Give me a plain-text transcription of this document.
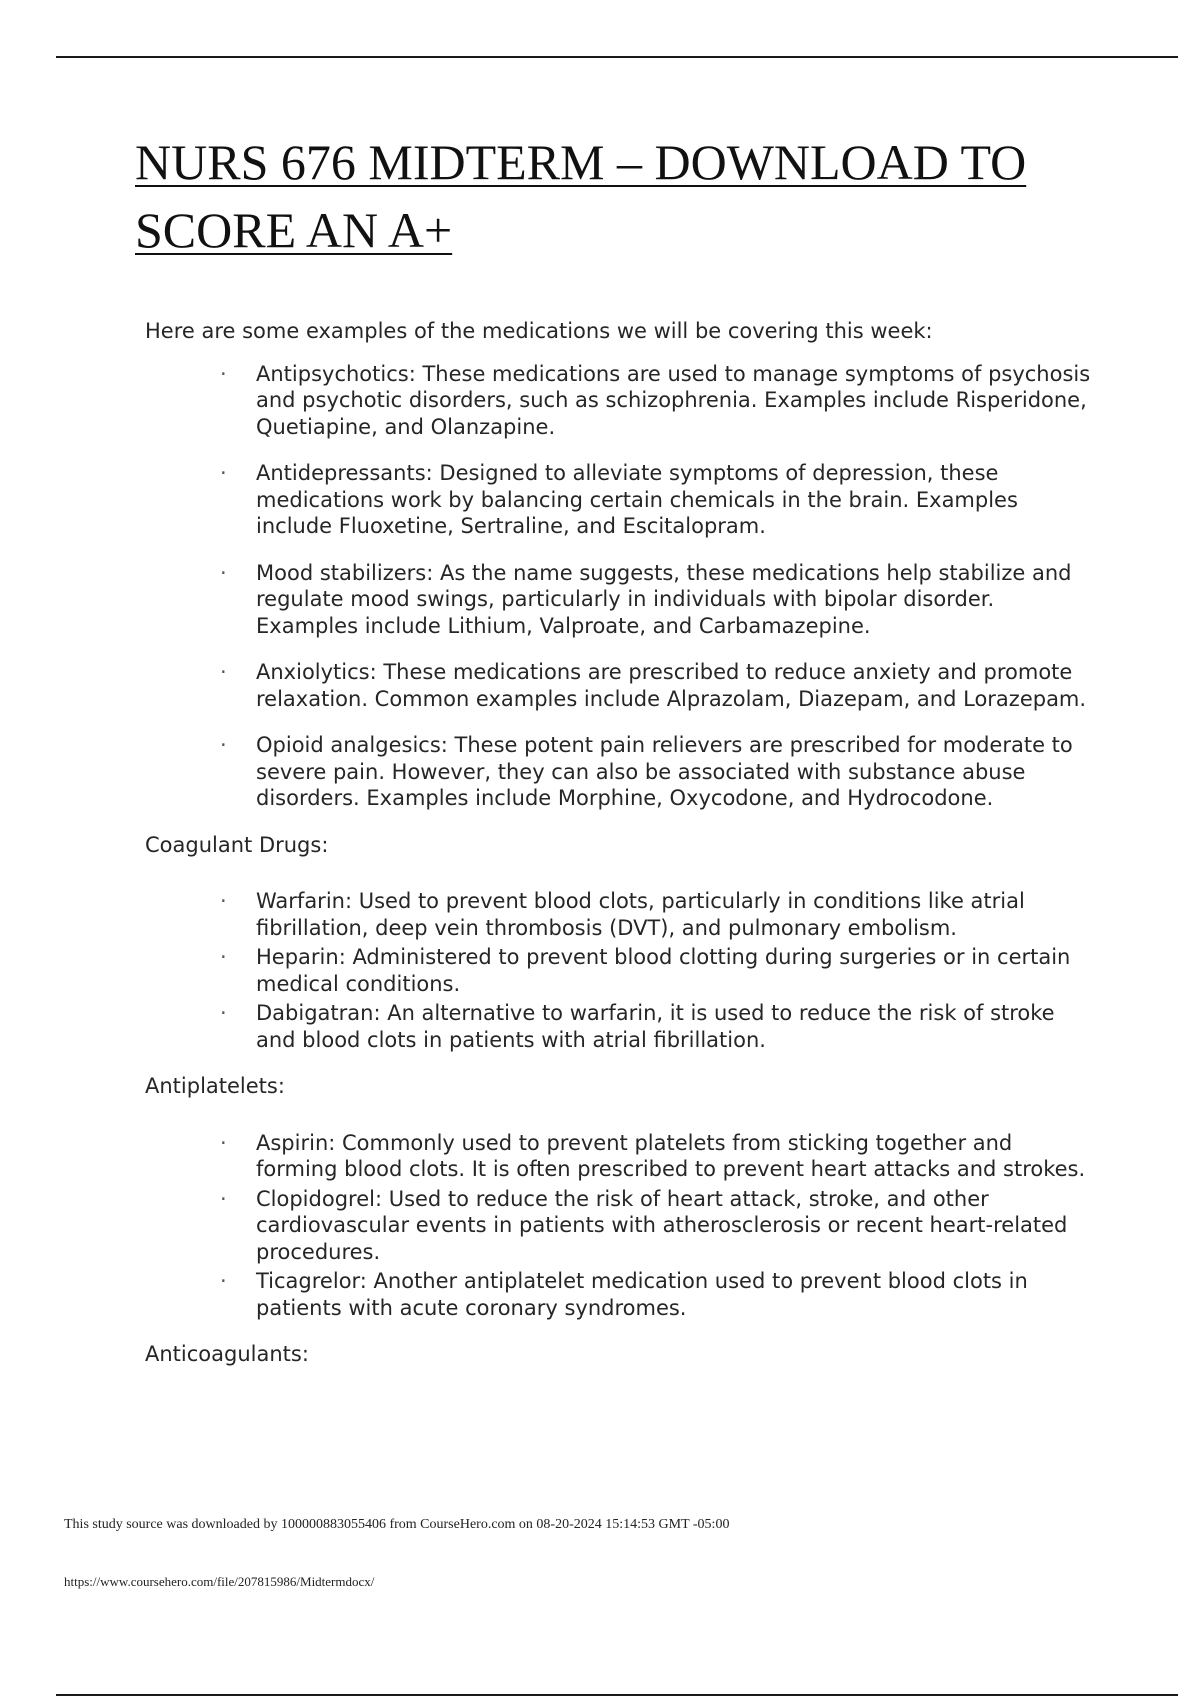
NURS 676 MIDTERM – DOWNLOAD TO
SCORE AN A+

Here are some examples of the medications we will be covering this week:

· Antipsychotics: These medications are used to manage symptoms of psychosis and psychotic disorders, such as schizophrenia. Examples include Risperidone, Quetiapine, and Olanzapine.
· Antidepressants: Designed to alleviate symptoms of depression, these medications work by balancing certain chemicals in the brain. Examples include Fluoxetine, Sertraline, and Escitalopram.
· Mood stabilizers: As the name suggests, these medications help stabilize and regulate mood swings, particularly in individuals with bipolar disorder. Examples include Lithium, Valproate, and Carbamazepine.
· Anxiolytics: These medications are prescribed to reduce anxiety and promote relaxation. Common examples include Alprazolam, Diazepam, and Lorazepam.
· Opioid analgesics: These potent pain relievers are prescribed for moderate to severe pain. However, they can also be associated with substance abuse disorders. Examples include Morphine, Oxycodone, and Hydrocodone.

Coagulant Drugs:

· Warfarin: Used to prevent blood clots, particularly in conditions like atrial fibrillation, deep vein thrombosis (DVT), and pulmonary embolism.
· Heparin: Administered to prevent blood clotting during surgeries or in certain medical conditions.
· Dabigatran: An alternative to warfarin, it is used to reduce the risk of stroke and blood clots in patients with atrial fibrillation.

Antiplatelets:

· Aspirin: Commonly used to prevent platelets from sticking together and forming blood clots. It is often prescribed to prevent heart attacks and strokes.
· Clopidogrel: Used to reduce the risk of heart attack, stroke, and other cardiovascular events in patients with atherosclerosis or recent heart-related procedures.
· Ticagrelor: Another antiplatelet medication used to prevent blood clots in patients with acute coronary syndromes.

Anticoagulants:

This study source was downloaded by 100000883055406 from CourseHero.com on 08-20-2024 15:14:53 GMT -05:00
https://www.coursehero.com/file/207815986/Midtermdocx/
